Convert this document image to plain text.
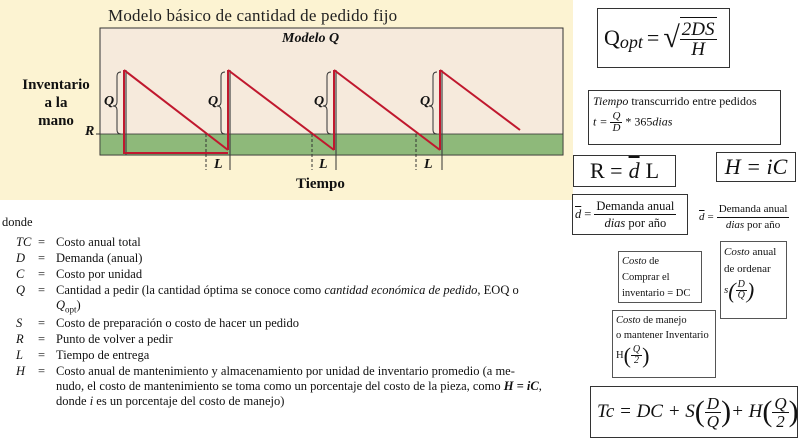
Modelo básico de cantidad de pedido fijo
Modelo Q
Inventario
a la
mano
R
Q	Q	Q	Q
L	L	L
Tiempo
Q opt = √ $\frac{2DS}{H}$
Tiempo transcurrido entre pedidos
$t = \frac{Q}{D}$ * 365dias
$R = \overline{d}$ L	H = iC
$\overline{d} = \frac{\text{Demanda anual}}{\text{dias por año}} \overline{d} = \frac{\text{Demanda anual}}{\text{dias por año}}$
Costo de
Comprar el
inventario = DC
Costo anual
de ordenar
$s( \frac{D}{Q}$ )
Costo de manejo
o mantener Inventario
$H( \frac{Q}{2}$ )
Tc = DC + S ( $\frac{D}{Q}$ ) + H ( $\frac{Q}{2}$ )
donde
TC = Costo anual total
D = Demanda (anual)
C = Costo por unidad
Q = Cantidad a pedir (la cantidad óptima se conoce como cantidad económica de pedido, EOQ o
$Q_{opt}$)
S = Costo de preparación o costo de hacer un pedido
R = Punto de volver a pedir
L = Tiempo de entrega
H = Costo anual de mantenimiento y almacenamiento por unidad de inventario promedio (a me-
nudo, el costo de mantenimiento se toma como un porcentaje del costo de la pieza, como H = iC,
donde i es un porcentaje del costo de manejo)
